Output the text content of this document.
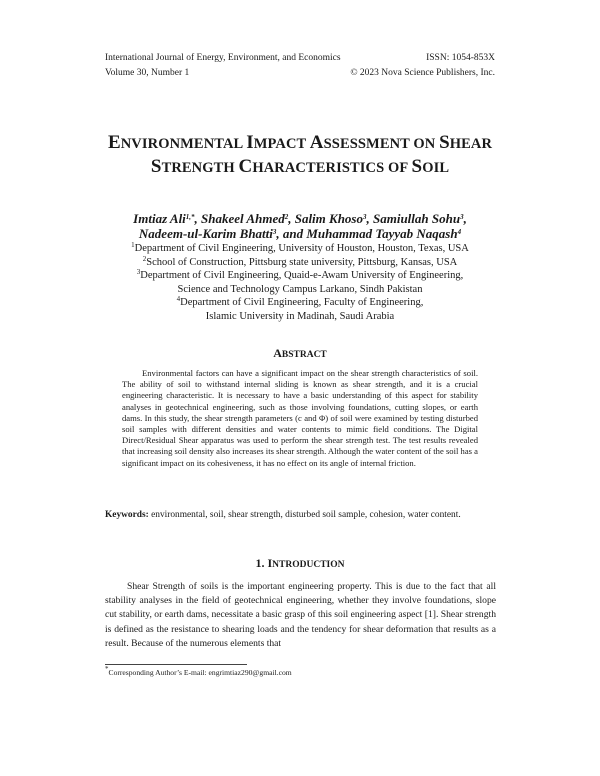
International Journal of Energy, Environment, and Economics	ISSN: 1054-853X
Volume 30, Number 1	© 2023 Nova Science Publishers, Inc.
ENVIRONMENTAL IMPACT ASSESSMENT ON SHEAR
STRENGTH CHARACTERISTICS OF SOIL
Imtiaz Ali$^{1,*}$, Shakeel Ahmed$^2$, Salim Khoso$^3$, Samiullah Sohu$^3$,
Nadeem-ul-Karim Bhatti$^3$, and Muhammad Tayyab Naqash$^4$
$^1$Department of Civil Engineering, University of Houston, Houston, Texas, USA
$^2$School of Construction, Pittsburg state university, Pittsburg, Kansas, USA
$^3$Department of Civil Engineering, Quaid-e-Awam University of Engineering,
Science and Technology Campus Larkano, Sindh Pakistan
$^4$Department of Civil Engineering, Faculty of Engineering,
Islamic University in Madinah, Saudi Arabia
ABSTRACT
Environmental factors can have a significant impact on the shear strength characteristics of soil. The ability of soil to withstand internal sliding is known as shear strength, and it is a crucial engineering characteristic. It is necessary to have a basic understanding of this aspect for stability analyses in geotechnical engineering, such as those involving foundations, cutting slopes, or earth dams. In this study, the shear strength parameters (c and Φ) of soil were examined by testing disturbed soil samples with different densities and water contents to mimic field conditions. The Digital Direct/Residual Shear apparatus was used to perform the shear strength test. The test results revealed that increasing soil density also increases its shear strength. Although the water content of the soil has a significant impact on its cohesiveness, it has no effect on its angle of internal friction.
Keywords: environmental, soil, shear strength, disturbed soil sample, cohesion, water content.
1. INTRODUCTION
Shear Strength of soils is the important engineering property. This is due to the fact that all stability analyses in the field of geotechnical engineering, whether they involve foundations, slope cut stability, or earth dams, necessitate a basic grasp of this soil engineering aspect [1]. Shear strength is defined as the resistance to shearing loads and the tendency for shear deformation that results as a result. Because of the numerous elements that
*Corresponding Author’s E-mail: engrimtiaz290@gmail.com
